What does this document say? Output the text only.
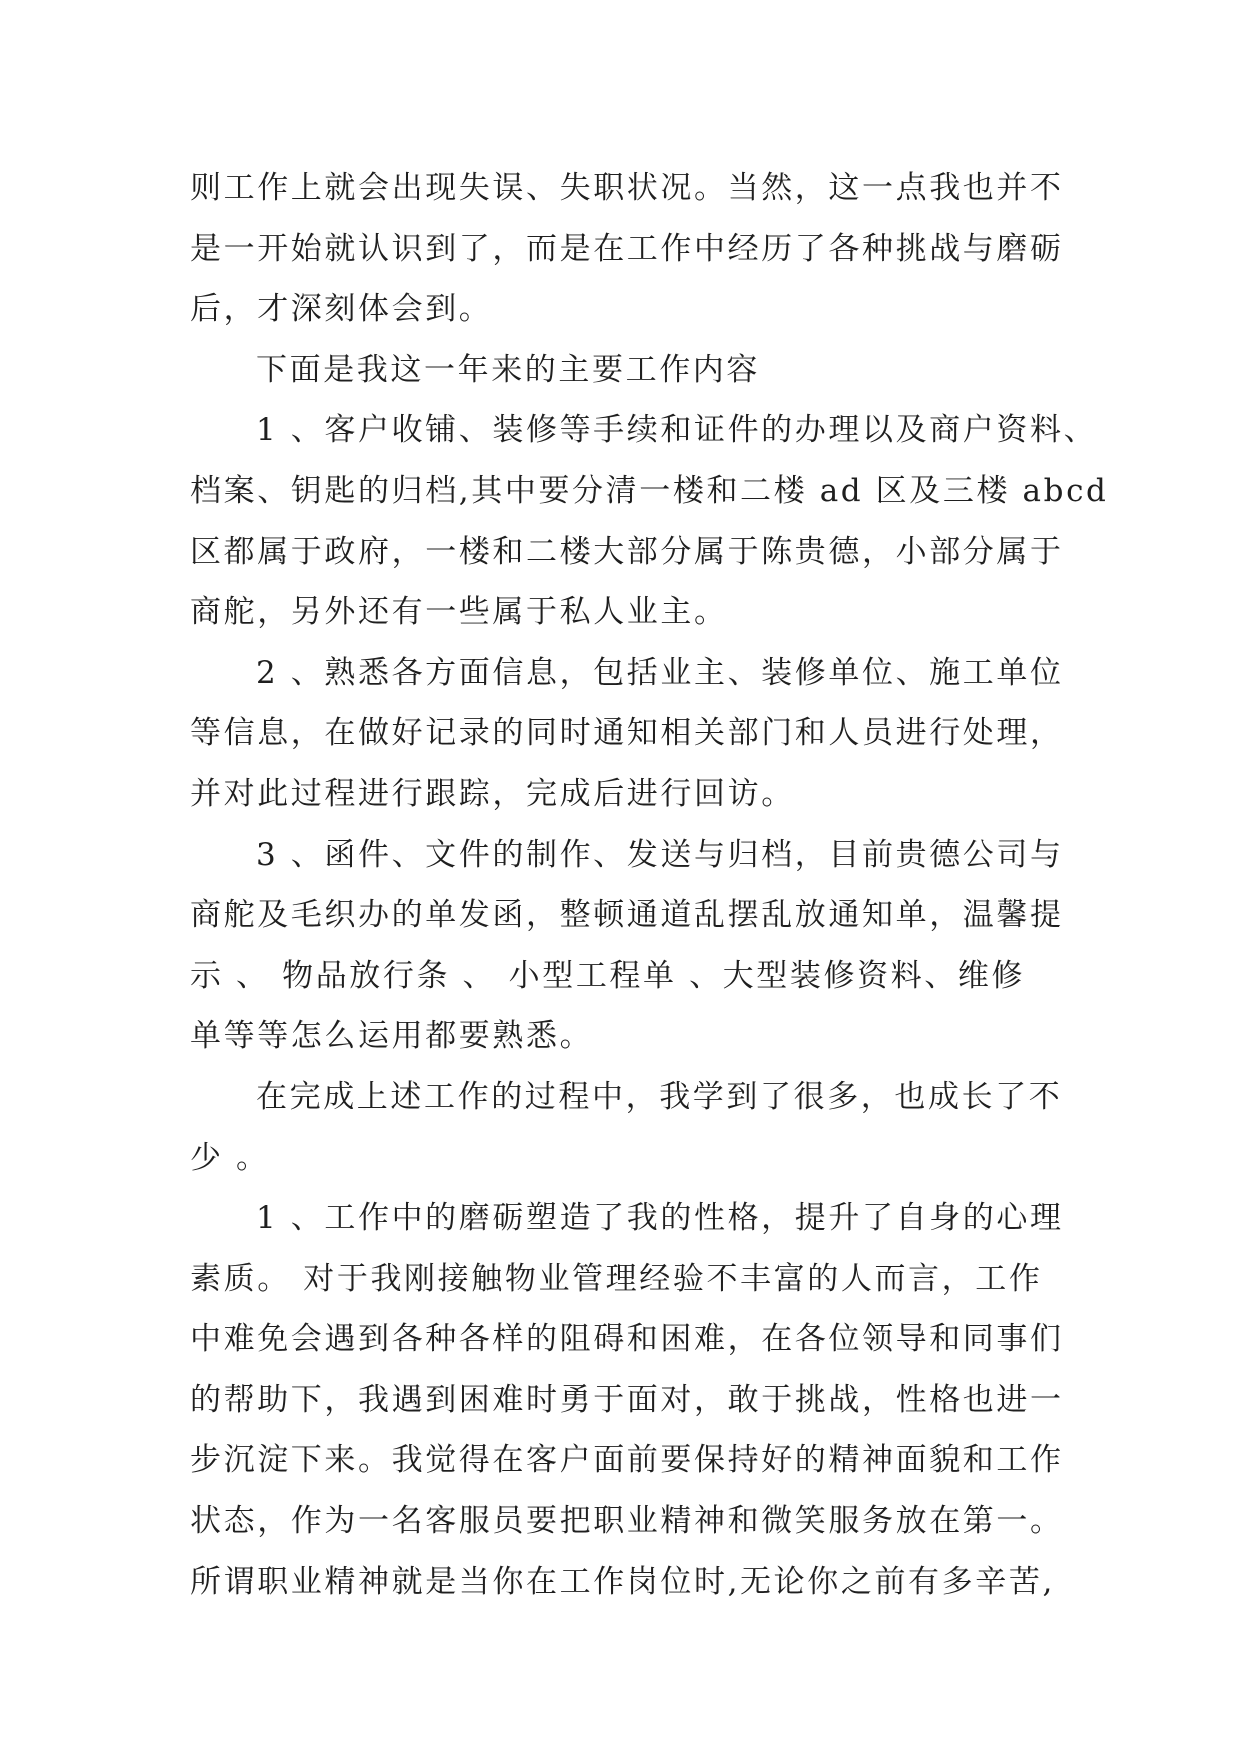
则工作上就会出现失误、失职状况。当然，这一点我也并不
是一开始就认识到了，而是在工作中经历了各种挑战与磨砺
后，才深刻体会到。
下面是我这一年来的主要工作内容
1 、客户收铺、装修等手续和证件的办理以及商户资料、
档案、钥匙的归档,其中要分清一楼和二楼 ad 区及三楼 abcd
区都属于政府，一楼和二楼大部分属于陈贵德，小部分属于
商舵，另外还有一些属于私人业主。
2 、熟悉各方面信息，包括业主、装修单位、施工单位
等信息，在做好记录的同时通知相关部门和人员进行处理，
并对此过程进行跟踪，完成后进行回访。
3 、函件、文件的制作、发送与归档，目前贵德公司与
商舵及毛织办的单发函，整顿通道乱摆乱放通知单，温馨提
示 、 物品放行条 、 小型工程单 、大型装修资料、维修
单等等怎么运用都要熟悉。
在完成上述工作的过程中，我学到了很多，也成长了不
少 。
1 、工作中的磨砺塑造了我的性格，提升了自身的心理
素质。 对于我刚接触物业管理经验不丰富的人而言，工作
中难免会遇到各种各样的阻碍和困难，在各位领导和同事们
的帮助下，我遇到困难时勇于面对，敢于挑战，性格也进一
步沉淀下来。我觉得在客户面前要保持好的精神面貌和工作
状态，作为一名客服员要把职业精神和微笑服务放在第一。
所谓职业精神就是当你在工作岗位时,无论你之前有多辛苦,
